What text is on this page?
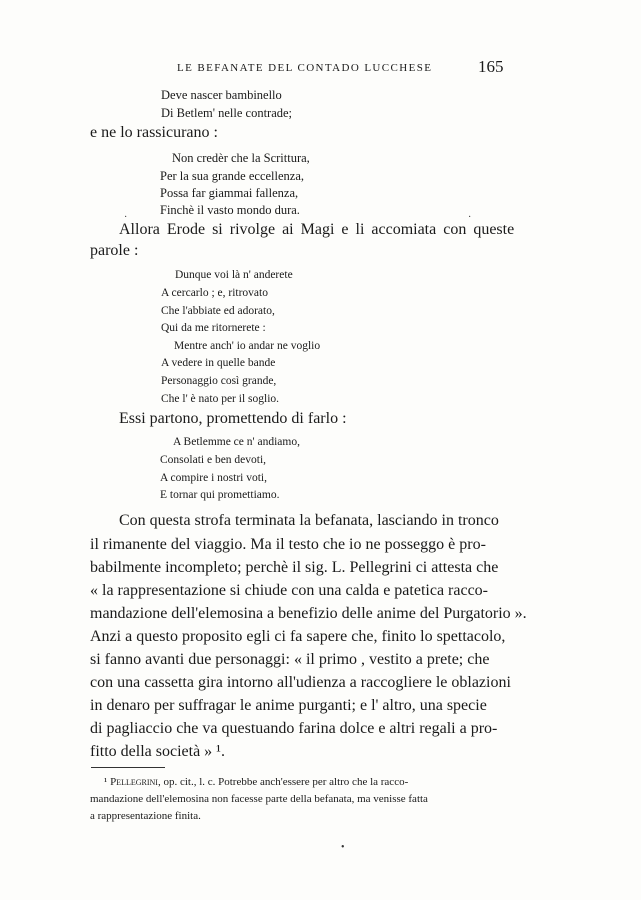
LE BEFANATE DEL CONTADO LUCCHESE	165
Deve nascer bambinello
Di Betlem' nelle contrade;
e ne lo rassicurano :
Non credèr che la Scrittura,
Per la sua grande eccellenza,
Possa far giammai fallenza,
Finchè il vasto mondo dura.
·	·
Allora Erode si rivolge ai Magi e li accomiata con queste
parole :
Dunque voi là n' anderete
A cercarlo ; e, ritrovato
Che l'abbiate ed adorato,
Qui da me ritornerete :
Mentre anch' io andar ne voglio
A vedere in quelle bande
Personaggio così grande,
Che l' è nato per il soglio.
Essi partono, promettendo di farlo :
A Betlemme ce n' andiamo,
Consolati e ben devoti,
A compire i nostri voti,
E tornar qui promettiamo.
Con questa strofa terminata la befanata, lasciando in tronco
il rimanente del viaggio. Ma il testo che io ne posseggo è pro-
babilmente incompleto; perchè il sig. L. Pellegrini ci attesta che
« la rappresentazione si chiude con una calda e patetica racco-
mandazione dell'elemosina a benefizio delle anime del Purgatorio ».
Anzi a questo proposito egli ci fa sapere che, finito lo spettacolo,
si fanno avanti due personaggi: « il primo , vestito a prete; che
con una cassetta gira intorno all'udienza a raccogliere le oblazioni
in denaro per suffragar le anime purganti; e l' altro, una specie
di pagliaccio che va questuando farina dolce e altri regali a pro-
fitto della società » ¹.
¹ Pellegrini, op. cit., l. c. Potrebbe anch'essere per altro che la racco-
mandazione dell'elemosina non facesse parte della befanata, ma venisse fatta
a rappresentazione finita.
•
